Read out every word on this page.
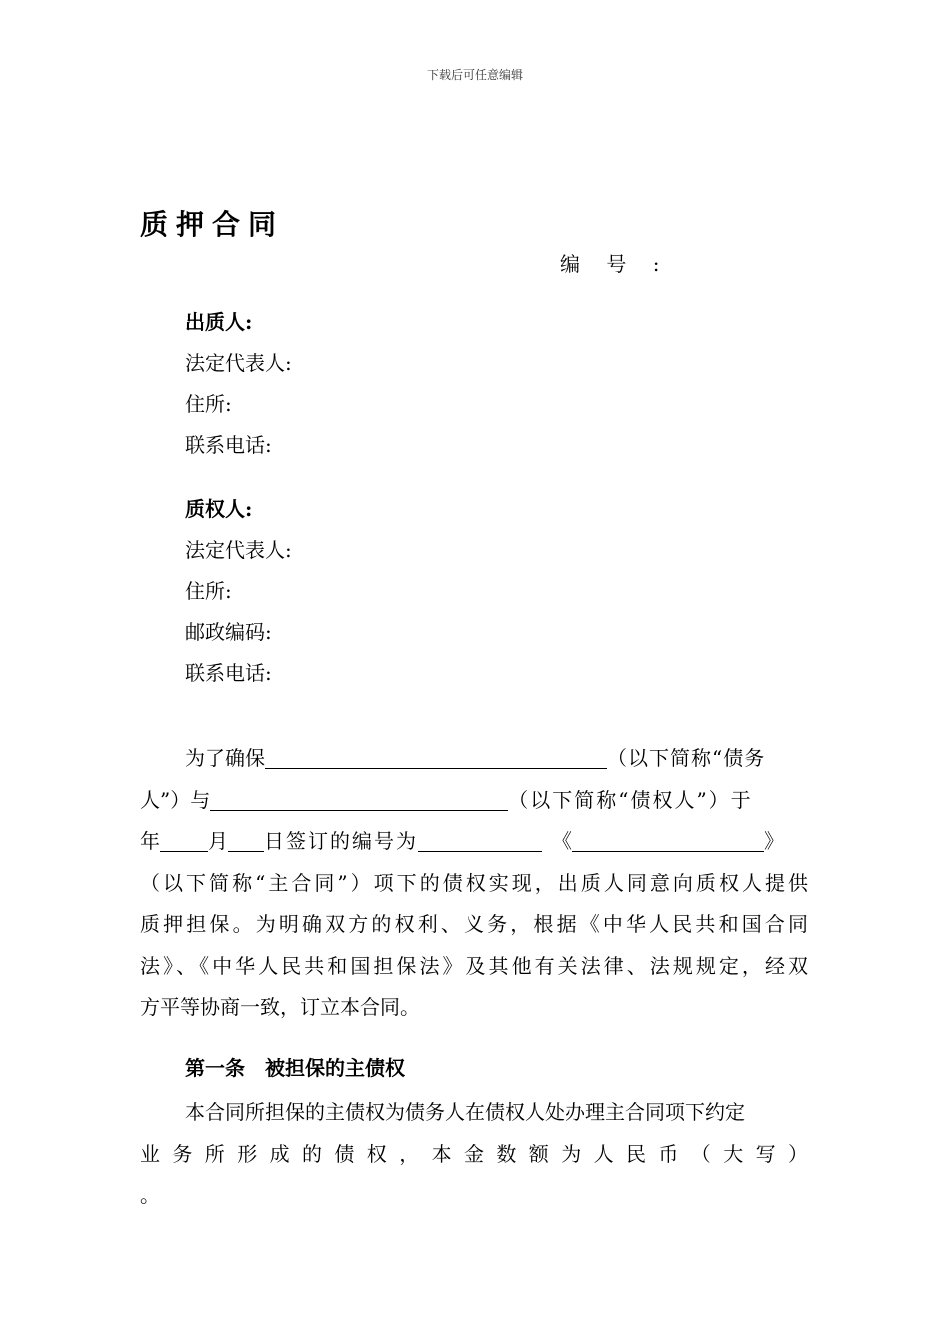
下载后可任意编辑
质押合同
编 号 :
出质人:
法定代表人:
住所:
联系电话:
质权人:
法定代表人:
住所:
邮政编码:
联系电话:
为了确保	（以下简称“债务
人”）与	（以下简称“债权人”）于
年 月 日签订的编号为	《	》
（以下简称“主合同”）项下的债权实现，出质人同意向质权人提供
质押担保。为明确双方的权利、义务，根据《中华人民共和国合同
法》、《中华人民共和国担保法》及其他有关法律、法规规定，经双
方平等协商一致，订立本合同。
第一条 被担保的主债权
本合同所担保的主债权为债务人在债权人处办理主合同项下约定
业务所形成的债权，本金数额为人民币（大写）
。
